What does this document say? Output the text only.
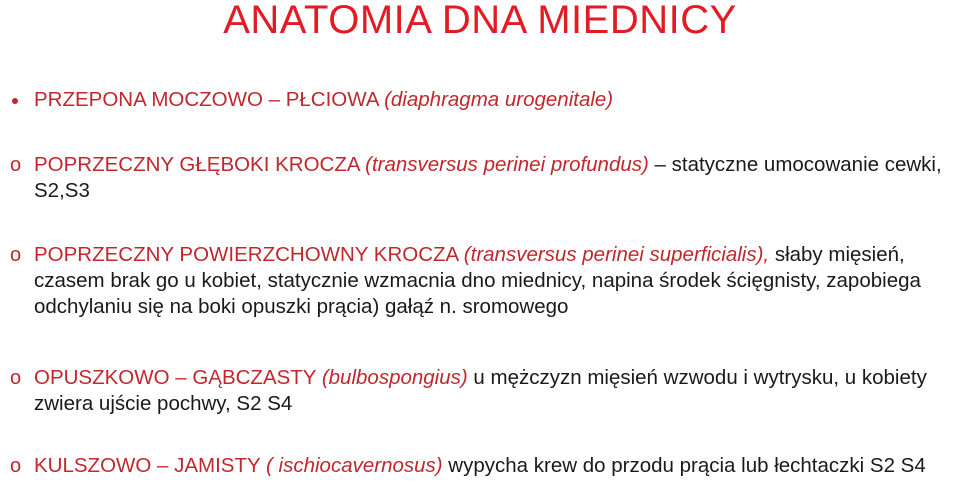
ANATOMIA DNA MIEDNICY
PRZEPONA MOCZOWO – PŁCIOWA (diaphragma urogenitale)
o POPRZECZNY GŁĘBOKI KROCZA (transversus perinei profundus) – statyczne umocowanie cewki, S2,S3
o POPRZECZNY POWIERZCHOWNY KROCZA (transversus perinei superficialis), słaby mięsień, czasem brak go u kobiet, statycznie wzmacnia dno miednicy, napina środek ścięgnisty, zapobiega odchylaniu się na boki opuszki prącia) gałąź n. sromowego
o OPUSZKOWO – GĄBCZASTY (bulbospongius) u mężczyzn mięsień wzwodu i wytrysku, u kobiety zwiera ujście pochwy, S2 S4
o KULSZOWO – JAMISTY ( ischiocavernosus) wypycha krew do przodu prącia lub łechtaczki S2 S4
